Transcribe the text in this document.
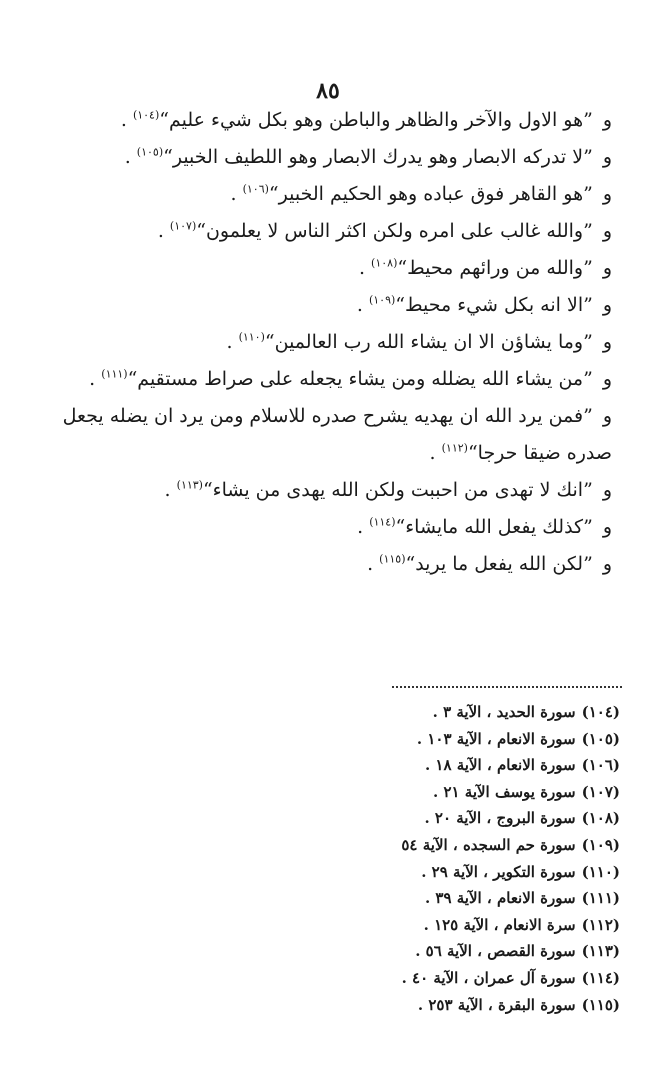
٨٥
و”هو الاول والآخر والظاهر والباطن وهو بكل شيء عليم“$^{(١٠٤)}$ .
و”لا تدركه الابصار وهو يدرك الابصار وهو اللطيف الخبير“$^{(١٠٥)}$ .
و”هو القاهر فوق عباده وهو الحكيم الخبير“$^{(١٠٦)}$ .
و”والله غالب على امره ولكن اكثر الناس لا يعلمون“$^{(١٠٧)}$ .
و”والله من ورائهم محيط“$^{(١٠٨)}$ .
و”الا انه بكل شيء محيط“$^{(١٠٩)}$ .
و”وما يشاؤن الا ان يشاء الله رب العالمين“$^{(١١٠)}$ .
و”من يشاء الله يضلله ومن يشاء يجعله على صراط مستقيم“$^{(١١١)}$ .
و”فمن يرد الله ان يهديه يشرح صدره للاسلام ومن يرد ان يضله يجعل
صدره ضيقا حرجا“$^{(١١٢)}$ .
و”انك لا تهدى من احببت ولكن الله يهدى من يشاء“$^{(١١٣)}$ .
و”كذلك يفعل الله مايشاء“$^{(١١٤)}$ .
و”لكن الله يفعل ما يريد“$^{(١١٥)}$ .
(١٠٤)سورة الحديد ، الآية ٣ .
(١٠٥)سورة الانعام ، الآية ١٠٣ .
(١٠٦)سورة الانعام ، الآية ١٨ .
(١٠٧)سورة يوسف الآية ٢١ .
(١٠٨)سورة البروج ، الآية ٢٠ .
(١٠٩)سورة حم السجده ، الآية ٥٤
(١١٠)سورة التكوير ، الآية ٢٩ .
(١١١)سورة الانعام ، الآية ٣٩ .
(١١٢)سرة الانعام ، الآية ١٢٥ .
(١١٣)سورة القصص ، الآية ٥٦ .
(١١٤)سورة آل عمران ، الآية ٤٠ .
(١١٥)سورة البقرة ، الآية ٢٥٣ .
